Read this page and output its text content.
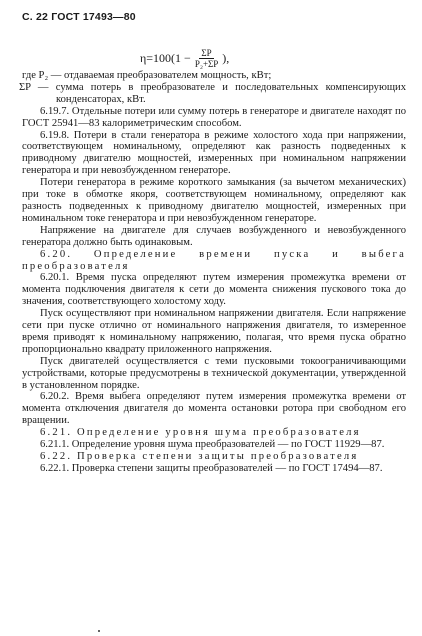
С. 22 ГОСТ 17493—80
η=100 ($1 - \frac{\Sigma P}{\text{P₂+ΣP}}$ ),

где P₂ — отдаваемая преобразователем мощность, кВт;

ΣP — сумма потерь в преобразователе и последовательных компенсирующих конденсаторах, кВт.

6.19.7. Отдельные потери или сумму потерь в генераторе и двигателе находят по ГОСТ 25941—83 калориметрическим способом.

6.19.8. Потери в стали генератора в режиме холостого хода при напряжении, соответствующем номинальному, определяют как разность подведенных к приводному двигателю мощностей, измеренных при номинальном напряжении генератора и при невозбужденном генераторе.

Потери генератора в режиме короткого замыкания (за вычетом механических) при токе в обмотке якоря, соответствующем номинальному, определяют как разность подведенных к приводному двигателю мощностей, измеренных при номинальном токе генератора и при невозбужденном генераторе.

Напряжение на двигателе для случаев возбужденного и невозбужденного генератора должно быть одинаковым.

6.20. Определение времени пуска и выбега преобразователя

6.20.1. Время пуска определяют путем измерения промежутка времени от момента подключения двигателя к сети до момента снижения пускового тока до значения, соответствующего холостому ходу.

Пуск осуществляют при номинальном напряжении двигателя. Если напряжение сети при пуске отлично от номинального напряжения двигателя, то измеренное время приводят к номинальному напряжению, полагая, что время пуска обратно пропорционально квадрату приложенного напряжения.

Пуск двигателей осуществляется с теми пусковыми токоограничивающими устройствами, которые предусмотрены в технической документации, утвержденной в установленном порядке.

6.20.2. Время выбега определяют путем измерения промежутка времени от момента отключения двигателя до момента остановки ротора при свободном его вращении.

6.21. Определение уровня шума преобразователя

6.21.1. Определение уровня шума преобразователей — по ГОСТ 11929—87.

6.22. Проверка степени защиты преобразователя

6.22.1. Проверка степени защиты преобразователей — по ГОСТ 17494—87.
